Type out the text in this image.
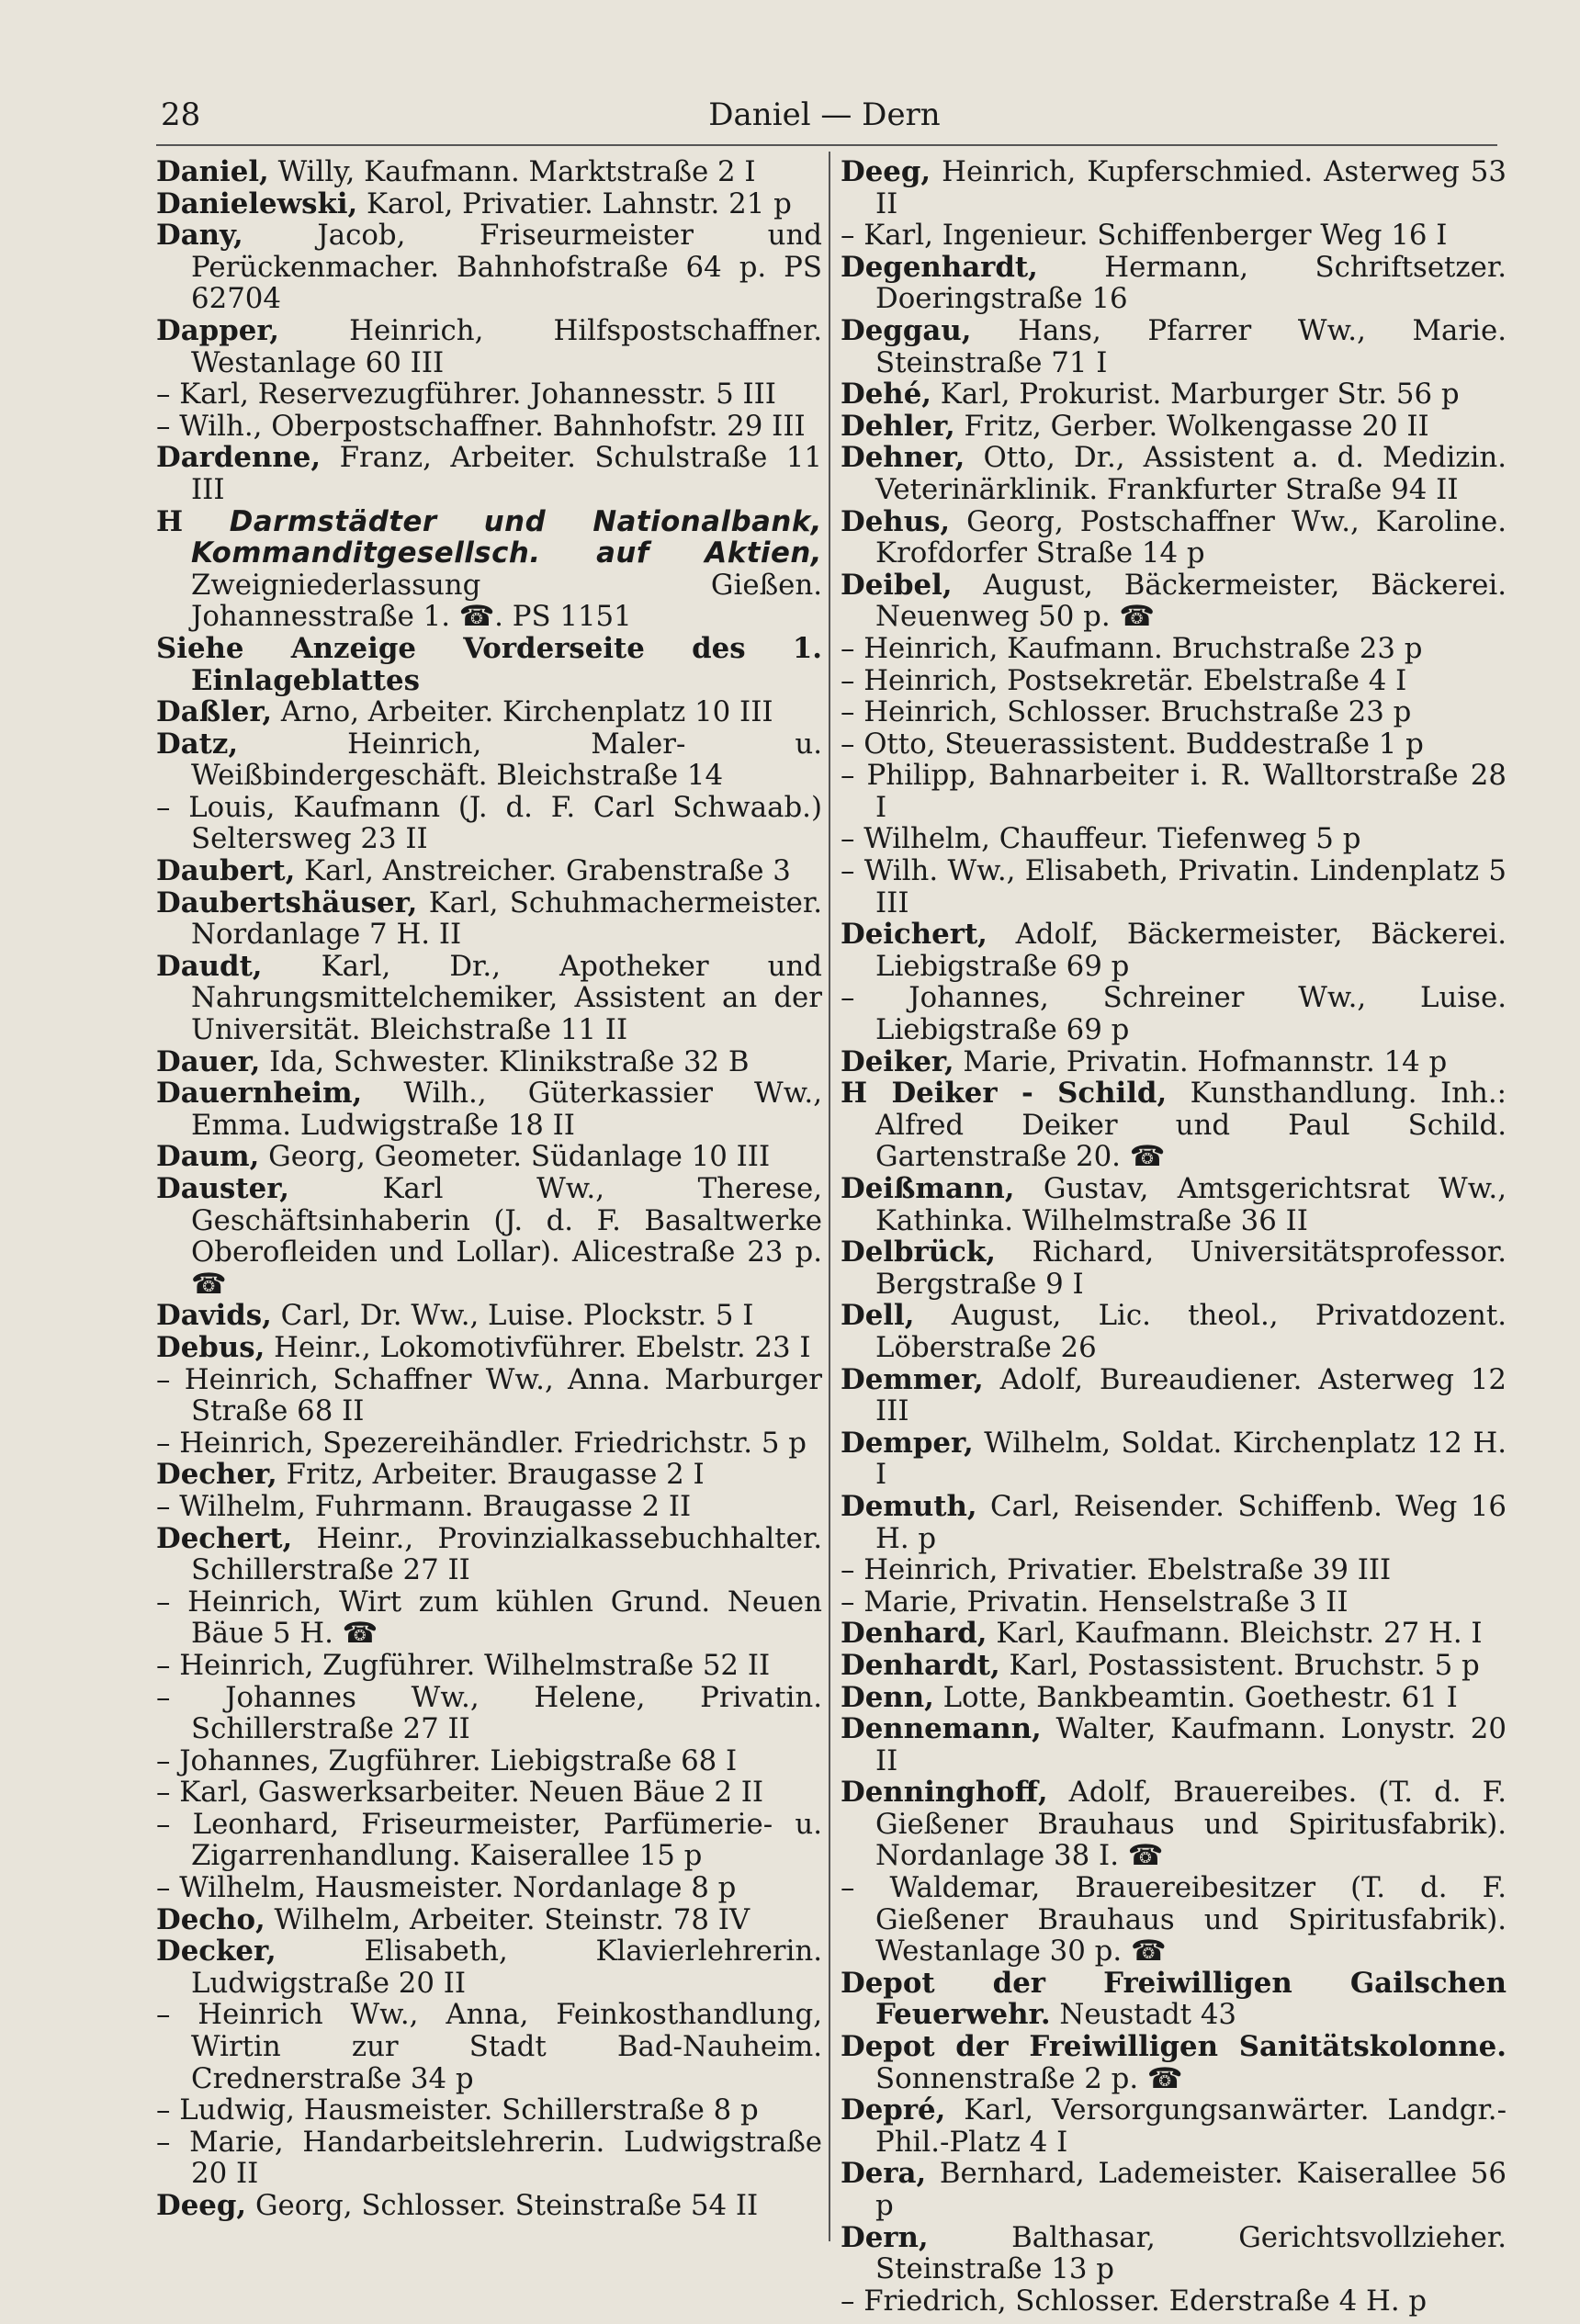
28	Daniel — Dern

Daniel, Willy, Kaufmann. Marktstraße 2 I

Danielewski, Karol, Privatier. Lahnstr. 21 p

Dany, Jacob, Friseurmeister und Perückenmacher. Bahnhofstraße 64 p. PS 62704

Dapper, Heinrich, Hilfspostschaffner. Westanlage 60 III

– Karl, Reservezugführer. Johannesstr. 5 III

– Wilh., Oberpostschaffner. Bahnhofstr. 29 III

Dardenne, Franz, Arbeiter. Schulstraße 11 III

H Darmstädter und Nationalbank, Kommanditgesellsch. auf Aktien, Zweigniederlassung Gießen. Johannesstraße 1. ☎. PS 1151

Siehe Anzeige Vorderseite des 1. Einlageblattes

Daßler, Arno, Arbeiter. Kirchenplatz 10 III

Datz, Heinrich, Maler- u. Weißbindergeschäft. Bleichstraße 14

– Louis, Kaufmann (J. d. F. Carl Schwaab.) Seltersweg 23 II

Daubert, Karl, Anstreicher. Grabenstraße 3

Daubertshäuser, Karl, Schuhmachermeister. Nordanlage 7 H. II

Daudt, Karl, Dr., Apotheker und Nahrungsmittelchemiker, Assistent an der Universität. Bleichstraße 11 II

Dauer, Ida, Schwester. Klinikstraße 32 B

Dauernheim, Wilh., Güterkassier Ww., Emma. Ludwigstraße 18 II

Daum, Georg, Geometer. Südanlage 10 III

Dauster, Karl Ww., Therese, Geschäftsinhaberin (J. d. F. Basaltwerke Oberofleiden und Lollar). Alicestraße 23 p. ☎

Davids, Carl, Dr. Ww., Luise. Plockstr. 5 I

Debus, Heinr., Lokomotivführer. Ebelstr. 23 I

– Heinrich, Schaffner Ww., Anna. Marburger Straße 68 II

– Heinrich, Spezereihändler. Friedrichstr. 5 p

Decher, Fritz, Arbeiter. Braugasse 2 I

– Wilhelm, Fuhrmann. Braugasse 2 II

Dechert, Heinr., Provinzialkassebuchhalter. Schillerstraße 27 II

– Heinrich, Wirt zum kühlen Grund. Neuen Bäue 5 H. ☎

– Heinrich, Zugführer. Wilhelmstraße 52 II

– Johannes Ww., Helene, Privatin. Schillerstraße 27 II

– Johannes, Zugführer. Liebigstraße 68 I

– Karl, Gaswerksarbeiter. Neuen Bäue 2 II

– Leonhard, Friseurmeister, Parfümerie- u. Zigarrenhandlung. Kaiserallee 15 p

– Wilhelm, Hausmeister. Nordanlage 8 p

Decho, Wilhelm, Arbeiter. Steinstr. 78 IV

Decker, Elisabeth, Klavierlehrerin. Ludwigstraße 20 II

– Heinrich Ww., Anna, Feinkosthandlung, Wirtin zur Stadt Bad-Nauheim. Crednerstraße 34 p

– Ludwig, Hausmeister. Schillerstraße 8 p

– Marie, Handarbeitslehrerin. Ludwigstraße 20 II

Deeg, Georg, Schlosser. Steinstraße 54 II

Deeg, Heinrich, Kupferschmied. Asterweg 53 II

– Karl, Ingenieur. Schiffenberger Weg 16 I

Degenhardt, Hermann, Schriftsetzer. Doeringstraße 16

Deggau, Hans, Pfarrer Ww., Marie. Steinstraße 71 I

Dehé, Karl, Prokurist. Marburger Str. 56 p

Dehler, Fritz, Gerber. Wolkengasse 20 II

Dehner, Otto, Dr., Assistent a. d. Medizin. Veterinärklinik. Frankfurter Straße 94 II

Dehus, Georg, Postschaffner Ww., Karoline. Krofdorfer Straße 14 p

Deibel, August, Bäckermeister, Bäckerei. Neuenweg 50 p. ☎

– Heinrich, Kaufmann. Bruchstraße 23 p

– Heinrich, Postsekretär. Ebelstraße 4 I

– Heinrich, Schlosser. Bruchstraße 23 p

– Otto, Steuerassistent. Buddestraße 1 p

– Philipp, Bahnarbeiter i. R. Walltorstraße 28 I

– Wilhelm, Chauffeur. Tiefenweg 5 p

– Wilh. Ww., Elisabeth, Privatin. Lindenplatz 5 III

Deichert, Adolf, Bäckermeister, Bäckerei. Liebigstraße 69 p

– Johannes, Schreiner Ww., Luise. Liebigstraße 69 p

Deiker, Marie, Privatin. Hofmannstr. 14 p

H Deiker - Schild, Kunsthandlung. Inh.: Alfred Deiker und Paul Schild. Gartenstraße 20. ☎

Deißmann, Gustav, Amtsgerichtsrat Ww., Kathinka. Wilhelmstraße 36 II

Delbrück, Richard, Universitätsprofessor. Bergstraße 9 I

Dell, August, Lic. theol., Privatdozent. Löberstraße 26

Demmer, Adolf, Bureaudiener. Asterweg 12 III

Demper, Wilhelm, Soldat. Kirchenplatz 12 H. I

Demuth, Carl, Reisender. Schiffenb. Weg 16 H. p

– Heinrich, Privatier. Ebelstraße 39 III

– Marie, Privatin. Henselstraße 3 II

Denhard, Karl, Kaufmann. Bleichstr. 27 H. I

Denhardt, Karl, Postassistent. Bruchstr. 5 p

Denn, Lotte, Bankbeamtin. Goethestr. 61 I

Dennemann, Walter, Kaufmann. Lonystr. 20 II

Denninghoff, Adolf, Brauereibes. (T. d. F. Gießener Brauhaus und Spiritusfabrik). Nordanlage 38 I. ☎

– Waldemar, Brauereibesitzer (T. d. F. Gießener Brauhaus und Spiritusfabrik). Westanlage 30 p. ☎

Depot der Freiwilligen Gailschen Feuerwehr. Neustadt 43

Depot der Freiwilligen Sanitätskolonne. Sonnenstraße 2 p. ☎

Depré, Karl, Versorgungsanwärter. Landgr.-Phil.-Platz 4 I

Dera, Bernhard, Lademeister. Kaiserallee 56 p

Dern, Balthasar, Gerichtsvollzieher. Steinstraße 13 p

– Friedrich, Schlosser. Ederstraße 4 H. p
